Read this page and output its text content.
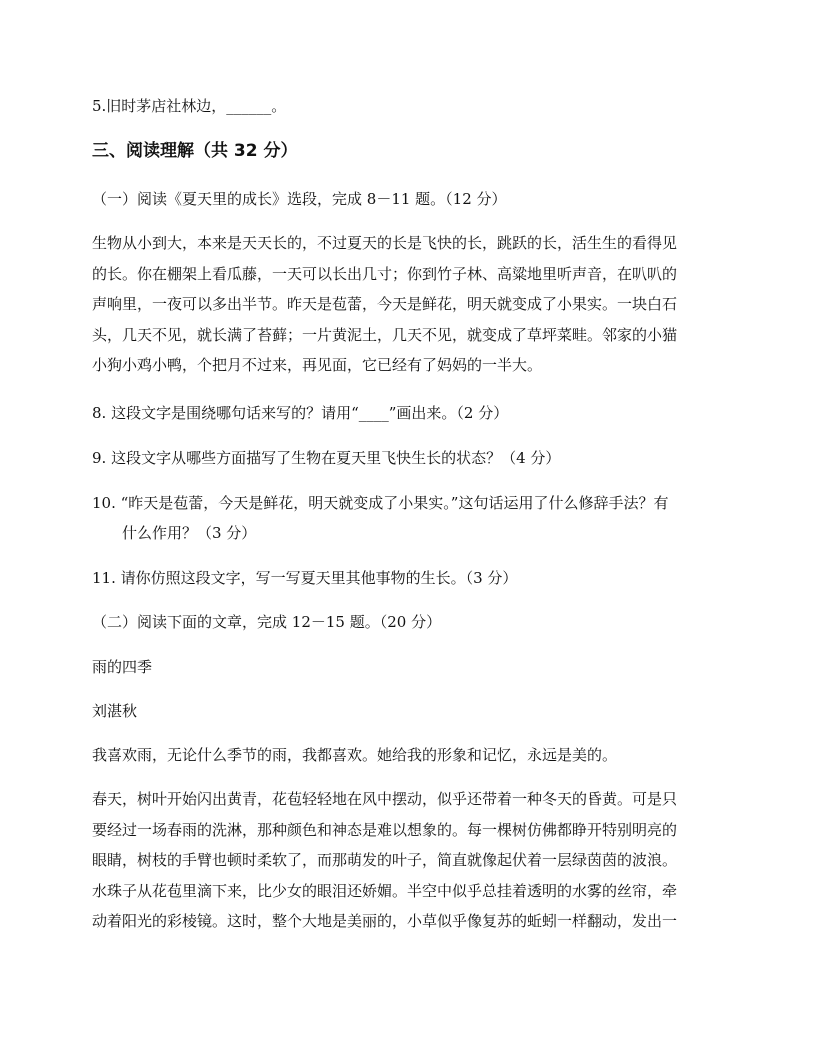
5.旧时茅店社林边，______。
三、阅读理解（共 32 分）
（一）阅读《夏天里的成长》选段，完成 8－11 题。（12 分）
生物从小到大，本来是天天长的，不过夏天的长是飞快的长，跳跃的长，活生生的看得见
的长。你在棚架上看瓜藤，一天可以长出几寸；你到竹子林、高粱地里听声音，在叭叭的
声响里，一夜可以多出半节。昨天是苞蕾，今天是鲜花，明天就变成了小果实。一块白石
头，几天不见，就长满了苔藓；一片黄泥土，几天不见，就变成了草坪菜畦。邻家的小猫
小狗小鸡小鸭，个把月不过来，再见面，它已经有了妈妈的一半大。
8. 这段文字是围绕哪句话来写的？请用“____”画出来。（2 分）
9. 这段文字从哪些方面描写了生物在夏天里飞快生长的状态？（4 分）
10. “昨天是苞蕾，今天是鲜花，明天就变成了小果实。”这句话运用了什么修辞手法？有
什么作用？（3 分）
11. 请你仿照这段文字，写一写夏天里其他事物的生长。（3 分）
（二）阅读下面的文章，完成 12－15 题。（20 分）
雨的四季
刘湛秋
我喜欢雨，无论什么季节的雨，我都喜欢。她给我的形象和记忆，永远是美的。
春天，树叶开始闪出黄青，花苞轻轻地在风中摆动，似乎还带着一种冬天的昏黄。可是只
要经过一场春雨的洗淋，那种颜色和神态是难以想象的。每一棵树仿佛都睁开特别明亮的
眼睛，树枝的手臂也顿时柔软了，而那萌发的叶子，简直就像起伏着一层绿茵茵的波浪。
水珠子从花苞里滴下来，比少女的眼泪还娇媚。半空中似乎总挂着透明的水雾的丝帘，牵
动着阳光的彩棱镜。这时，整个大地是美丽的，小草似乎像复苏的蚯蚓一样翻动，发出一
